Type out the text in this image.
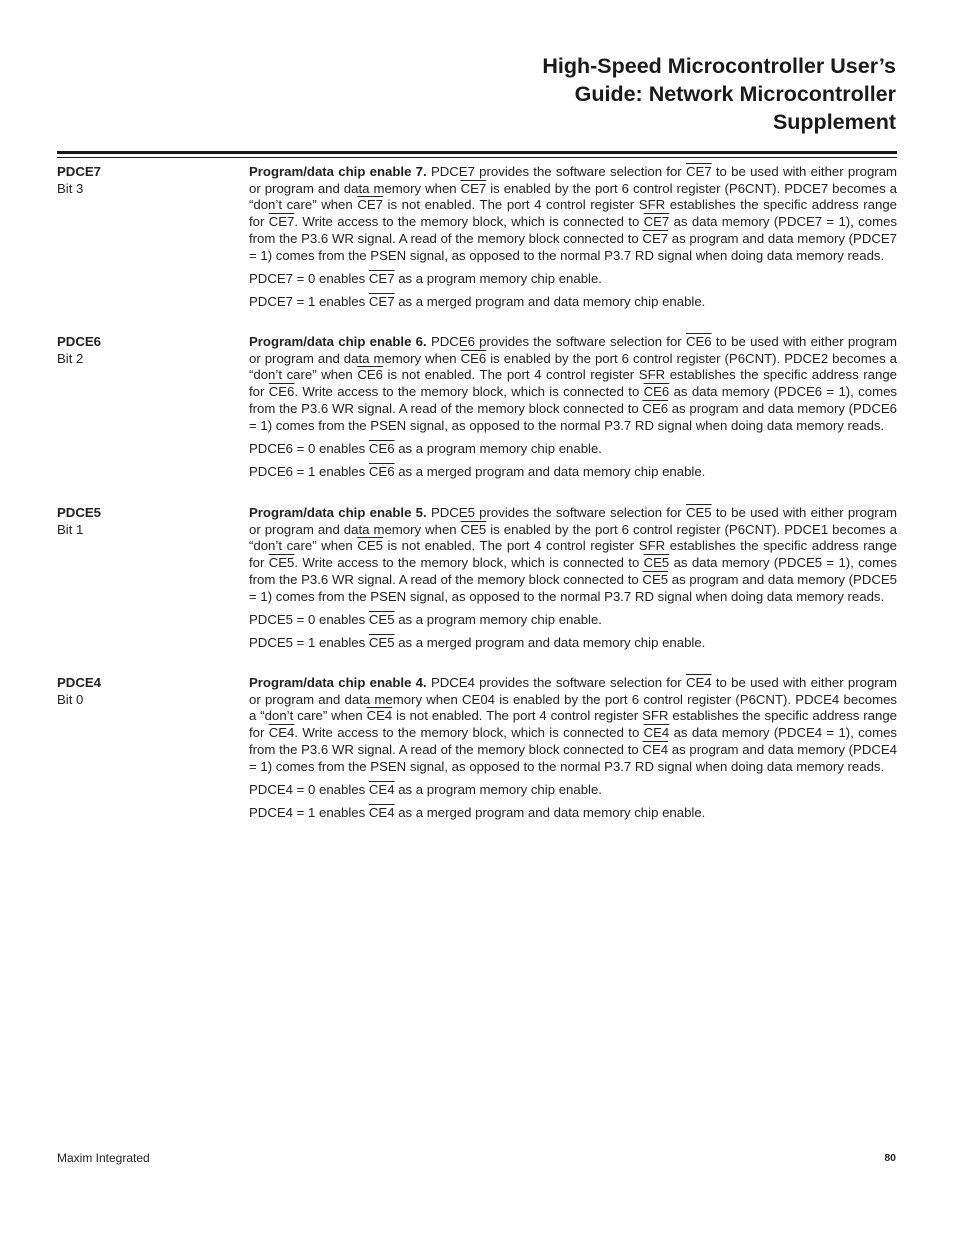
High-Speed Microcontroller User’s
Guide: Network Microcontroller
Supplement
PDCE7
Bit 3

Program/data chip enable 7. PDCE7 provides the software selection for CE7 to be used with either program or program and data memory when CE7 is enabled by the port 6 control register (P6CNT). PDCE7 becomes a “don’t care” when CE7 is not enabled. The port 4 control register SFR establishes the specific address range for CE7. Write access to the memory block, which is connected to CE7 as data memory (PDCE7 = 1), comes from the P3.6 WR signal. A read of the memory block connected to CE7 as program and data memory (PDCE7 = 1) comes from the PSEN signal, as opposed to the normal P3.7 RD signal when doing data memory reads.

PDCE7 = 0 enables CE7 as a program memory chip enable.

PDCE7 = 1 enables CE7 as a merged program and data memory chip enable.

PDCE6
Bit 2

Program/data chip enable 6. PDCE6 provides the software selection for CE6 to be used with either program or program and data memory when CE6 is enabled by the port 6 control register (P6CNT). PDCE2 becomes a “don’t care” when CE6 is not enabled. The port 4 control register SFR establishes the specific address range for CE6. Write access to the memory block, which is connected to CE6 as data memory (PDCE6 = 1), comes from the P3.6 WR signal. A read of the memory block connected to CE6 as program and data memory (PDCE6 = 1) comes from the PSEN signal, as opposed to the normal P3.7 RD signal when doing data memory reads.

PDCE6 = 0 enables CE6 as a program memory chip enable.

PDCE6 = 1 enables CE6 as a merged program and data memory chip enable.

PDCE5
Bit 1

Program/data chip enable 5. PDCE5 provides the software selection for CE5 to be used with either program or program and data memory when CE5 is enabled by the port 6 control register (P6CNT). PDCE1 becomes a “don’t care” when CE5 is not enabled. The port 4 control register SFR establishes the specific address range for CE5. Write access to the memory block, which is connected to CE5 as data memory (PDCE5 = 1), comes from the P3.6 WR signal. A read of the memory block connected to CE5 as program and data memory (PDCE5 = 1) comes from the PSEN signal, as opposed to the normal P3.7 RD signal when doing data memory reads.

PDCE5 = 0 enables CE5 as a program memory chip enable.

PDCE5 = 1 enables CE5 as a merged program and data memory chip enable.

PDCE4
Bit 0

Program/data chip enable 4. PDCE4 provides the software selection for CE4 to be used with either program or program and data memory when CE04 is enabled by the port 6 control register (P6CNT). PDCE4 becomes a “don’t care” when CE4 is not enabled. The port 4 control register SFR establishes the specific address range for CE4. Write access to the memory block, which is connected to CE4 as data memory (PDCE4 = 1), comes from the P3.6 WR signal. A read of the memory block connected to CE4 as program and data memory (PDCE4 = 1) comes from the PSEN signal, as opposed to the normal P3.7 RD signal when doing data memory reads.

PDCE4 = 0 enables CE4 as a program memory chip enable.

PDCE4 = 1 enables CE4 as a merged program and data memory chip enable.

Maxim Integrated	80
